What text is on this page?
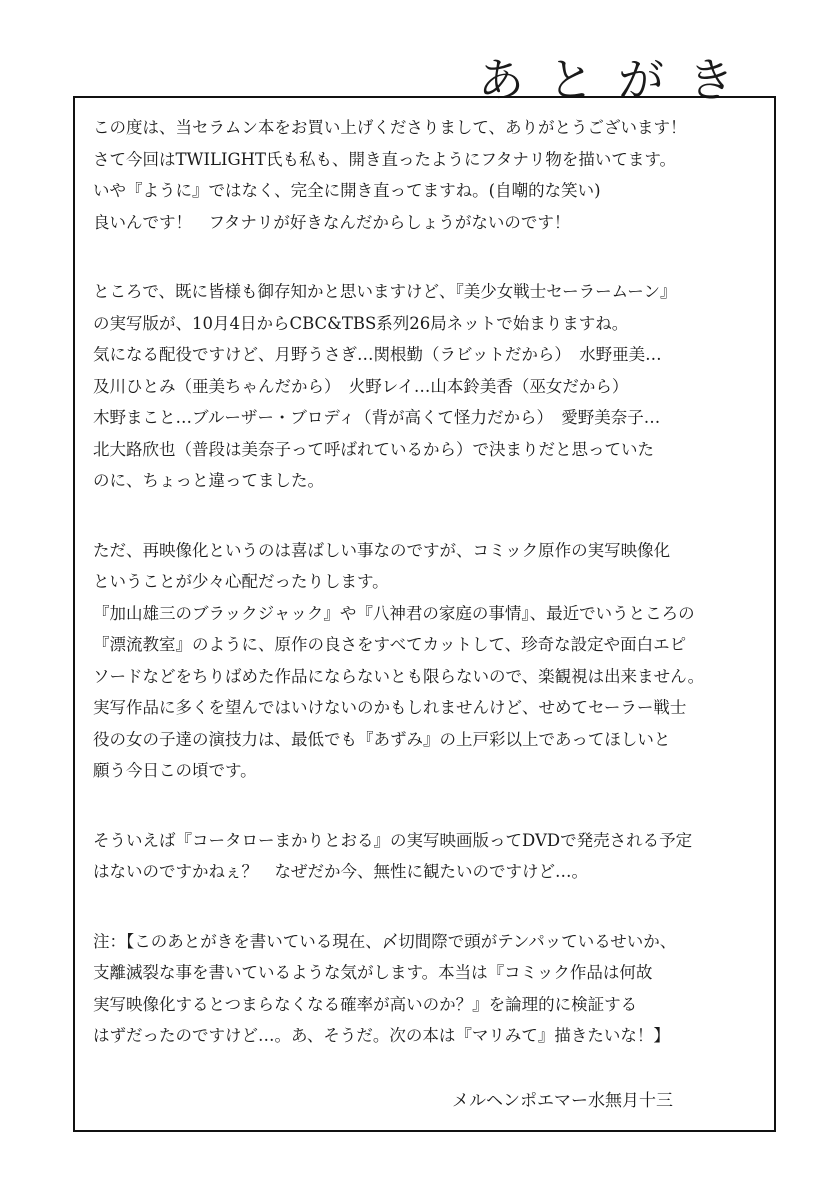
あとがき
この度は、当セラムン本をお買い上げくださりまして、ありがとうございます！
さて今回はTWILIGHT氏も私も、開き直ったようにフタナリ物を描いてます。
いや『ように』ではなく、完全に開き直ってますね。(自嘲的な笑い)
良いんです！　フタナリが好きなんだからしょうがないのです！
ところで、既に皆様も御存知かと思いますけど、『美少女戦士セーラームーン』
の実写版が、10月4日からCBC&TBS系列26局ネットで始まりますね。
気になる配役ですけど、月野うさぎ…関根勤（ラビットだから）　水野亜美…
及川ひとみ（亜美ちゃんだから）　火野レイ…山本鈴美香（巫女だから）
木野まこと…ブルーザー・ブロディ（背が高くて怪力だから）　愛野美奈子…
北大路欣也（普段は美奈子って呼ばれているから）で決まりだと思っていた
のに、ちょっと違ってました。
ただ、再映像化というのは喜ばしい事なのですが、コミック原作の実写映像化
ということが少々心配だったりします。
『加山雄三のブラックジャック』や『八神君の家庭の事情』、最近でいうところの
『漂流教室』のように、原作の良さをすべてカットして、珍奇な設定や面白エピ
ソードなどをちりばめた作品にならないとも限らないので、楽観視は出来ません。
実写作品に多くを望んではいけないのかもしれませんけど、せめてセーラー戦士
役の女の子達の演技力は、最低でも『あずみ』の上戸彩以上であってほしいと
願う今日この頃です。
そういえば『コータローまかりとおる』の実写映画版ってDVDで発売される予定
はないのですかねぇ？　なぜだか今、無性に観たいのですけど…。
注：【このあとがきを書いている現在、〆切間際で頭がテンパッているせいか、
支離滅裂な事を書いているような気がします。本当は『コミック作品は何故
実写映像化するとつまらなくなる確率が高いのか？』を論理的に検証する
はずだったのですけど…。あ、そうだ。次の本は『マリみて』描きたいな！】
メルヘンポエマー水無月十三
